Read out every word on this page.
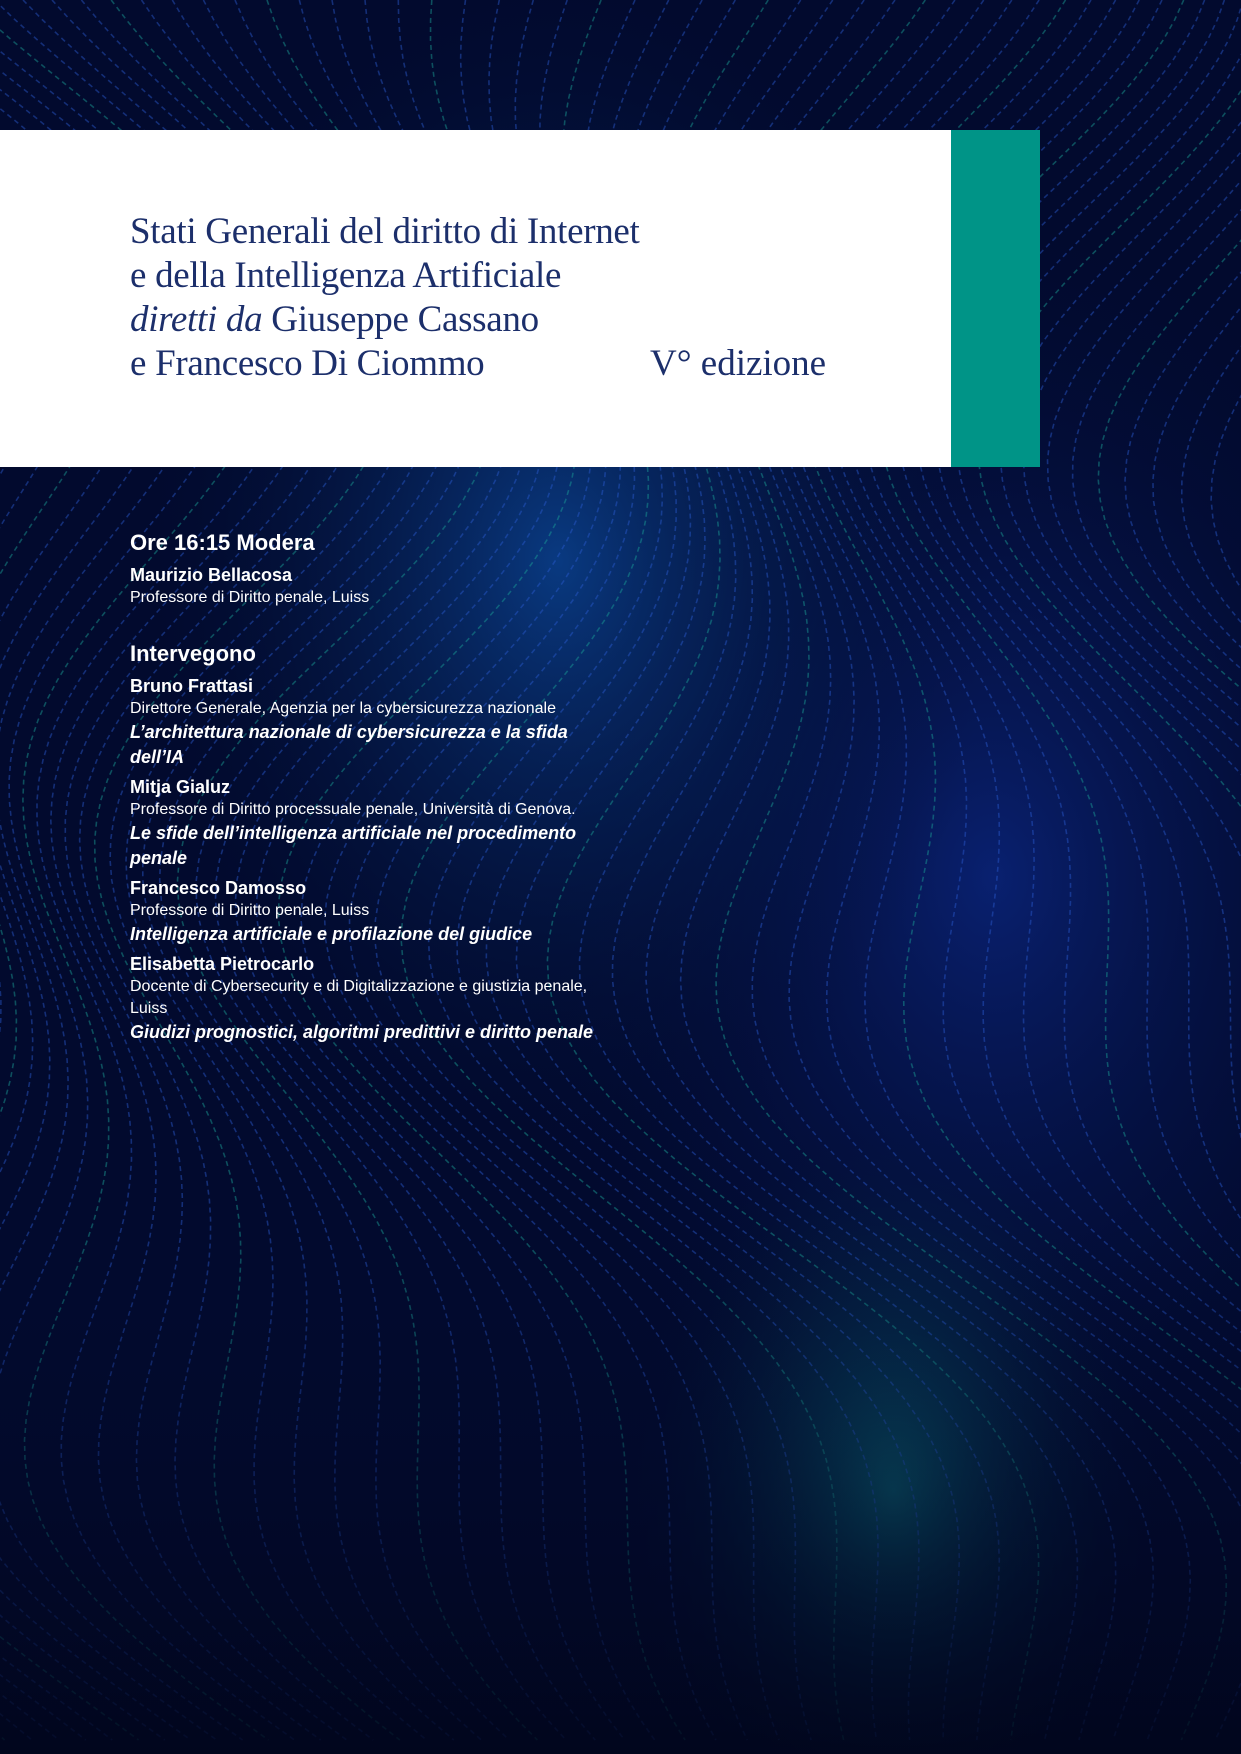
Stati Generali del diritto di Internet
e della Intelligenza Artificiale
diretti da Giuseppe Cassano
e Francesco Di Ciommo	V° edizione
Ore 16:15 Modera
Maurizio Bellacosa
Professore di Diritto penale, Luiss
Intervegono
Bruno Frattasi
Direttore Generale, Agenzia per la cybersicurezza nazionale
L’architettura nazionale di cybersicurezza e la sfida dell’IA
Mitja Gialuz
Professore di Diritto processuale penale, Università di Genova.
Le sfide dell’intelligenza artificiale nel procedimento penale
Francesco Damosso
Professore di Diritto penale, Luiss
Intelligenza artificiale e profilazione del giudice
Elisabetta Pietrocarlo
Docente di Cybersecurity e di Digitalizzazione e giustizia penale, Luiss
Giudizi prognostici, algoritmi predittivi e diritto penale
